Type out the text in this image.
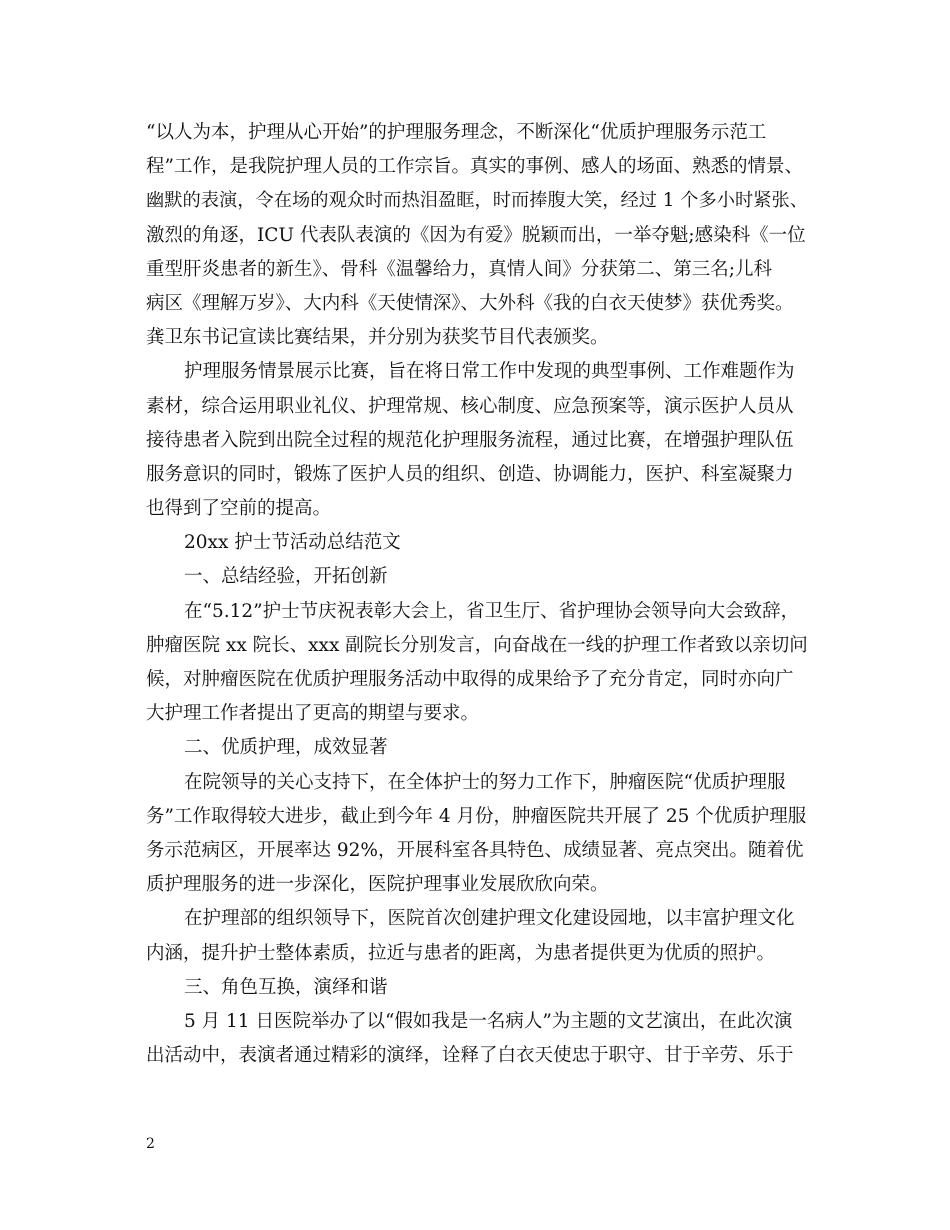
“以人为本，护理从心开始”的护理服务理念，不断深化“优质护理服务示范工
程”工作，是我院护理人员的工作宗旨。真实的事例、感人的场面、熟悉的情景、
幽默的表演，令在场的观众时而热泪盈眶，时而捧腹大笑，经过 1 个多小时紧张、
激烈的角逐，ICU 代表队表演的《因为有爱》脱颖而出，一举夺魁;感染科《一位
重型肝炎患者的新生》、骨科《温馨给力，真情人间》分获第二、第三名;儿科
病区《理解万岁》、大内科《天使情深》、大外科《我的白衣天使梦》获优秀奖。
龚卫东书记宣读比赛结果，并分别为获奖节目代表颁奖。
护理服务情景展示比赛，旨在将日常工作中发现的典型事例、工作难题作为
素材，综合运用职业礼仪、护理常规、核心制度、应急预案等，演示医护人员从
接待患者入院到出院全过程的规范化护理服务流程，通过比赛，在增强护理队伍
服务意识的同时，锻炼了医护人员的组织、创造、协调能力，医护、科室凝聚力
也得到了空前的提高。
20xx 护士节活动总结范文
一、总结经验，开拓创新
在“5.12”护士节庆祝表彰大会上，省卫生厅、省护理协会领导向大会致辞，
肿瘤医院 xx 院长、xxx 副院长分别发言，向奋战在一线的护理工作者致以亲切问
候，对肿瘤医院在优质护理服务活动中取得的成果给予了充分肯定，同时亦向广
大护理工作者提出了更高的期望与要求。
二、优质护理，成效显著
在院领导的关心支持下，在全体护士的努力工作下，肿瘤医院“优质护理服
务”工作取得较大进步，截止到今年 4 月份，肿瘤医院共开展了 25 个优质护理服
务示范病区，开展率达 92%，开展科室各具特色、成绩显著、亮点突出。随着优
质护理服务的进一步深化，医院护理事业发展欣欣向荣。
在护理部的组织领导下，医院首次创建护理文化建设园地，以丰富护理文化
内涵，提升护士整体素质，拉近与患者的距离，为患者提供更为优质的照护。
三、角色互换，演绎和谐
5 月 11 日医院举办了以“假如我是一名病人”为主题的文艺演出，在此次演
出活动中，表演者通过精彩的演绎，诠释了白衣天使忠于职守、甘于辛劳、乐于
2
